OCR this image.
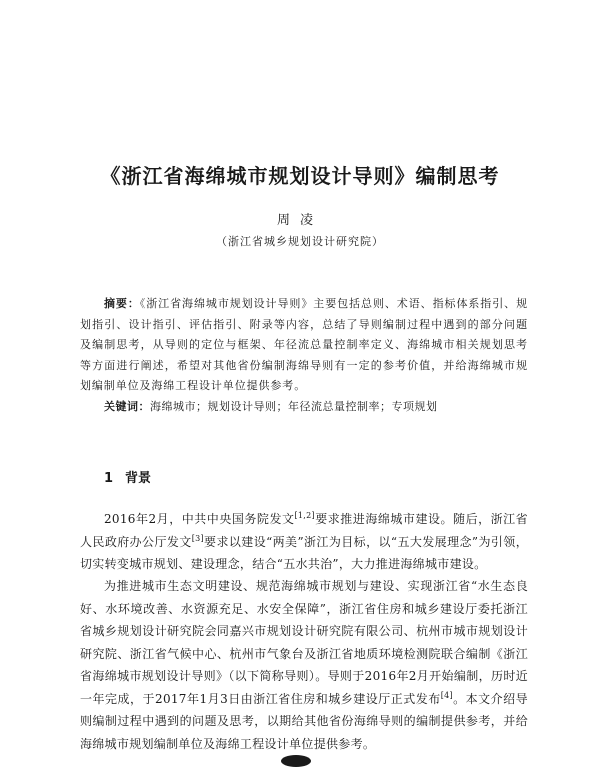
《浙江省海绵城市规划设计导则》编制思考

周凌

（浙江省城乡规划设计研究院）

摘要：《浙江省海绵城市规划设计导则》主要包括总则、术语、指标体系指引、规划指引、设计指引、评估指引、附录等内容，总结了导则编制过程中遇到的部分问题及编制思考，从导则的定位与框架、年径流总量控制率定义、海绵城市相关规划思考等方面进行阐述，希望对其他省份编制海绵导则有一定的参考价值，并给海绵城市规划编制单位及海绵工程设计单位提供参考。

关键词：海绵城市；规划设计导则；年径流总量控制率；专项规划

1 背景

2016年2月，中共中央国务院发文[1,2]要求推进海绵城市建设。随后，浙江省人民政府办公厅发文[3]要求以建设“两美”浙江为目标，以“五大发展理念”为引领，切实转变城市规划、建设理念，结合“五水共治”，大力推进海绵城市建设。

为推进城市生态文明建设、规范海绵城市规划与建设、实现浙江省“水生态良好、水环境改善、水资源充足、水安全保障”，浙江省住房和城乡建设厅委托浙江省城乡规划设计研究院会同嘉兴市规划设计研究院有限公司、杭州市城市规划设计研究院、浙江省气候中心、杭州市气象台及浙江省地质环境检测院联合编制《浙江省海绵城市规划设计导则》（以下简称导则）。导则于2016年2月开始编制，历时近一年完成，于2017年1月3日由浙江省住房和城乡建设厅正式发布[4]。本文介绍导则编制过程中遇到的问题及思考，以期给其他省份海绵导则的编制提供参考，并给海绵城市规划编制单位及海绵工程设计单位提供参考。
